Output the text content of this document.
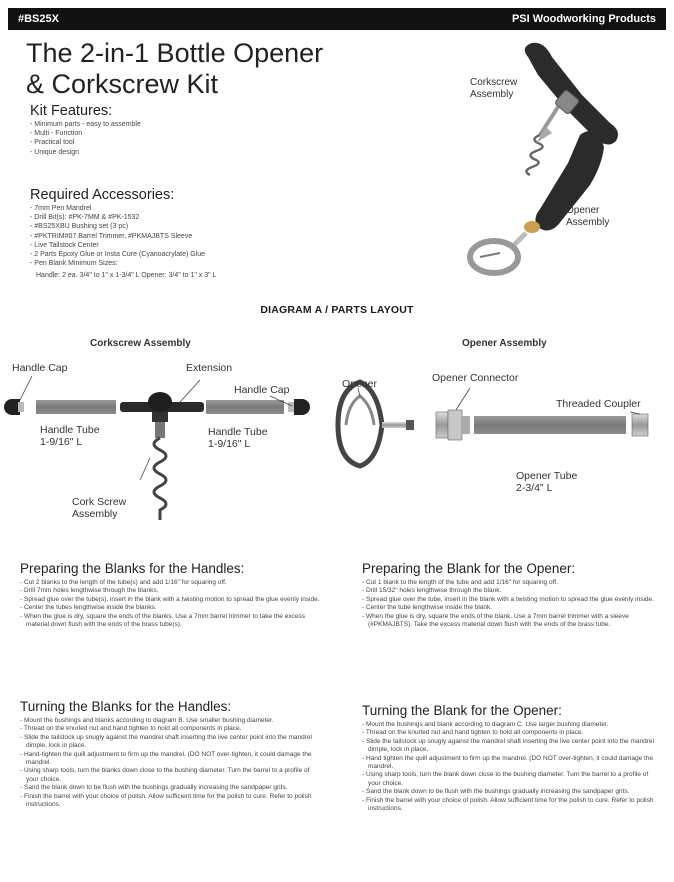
#BS25X	PSI Woodworking Products
The 2-in-1 Bottle Opener
& Corkscrew Kit
Kit Features:
- Minimum parts - easy to assemble
- Multi - Function
- Practical tool
- Unique design
Required Accessories:
- 7mm Pen Mandrel
- Drill Bit(s): #PK-7MM & #PK-1532
- #BS25XBU Bushing set (3 pc)
- #PKTRIM#07 Barrel Trimmer, #PKMAJBTS Sleeve
- Live Tailstock Center
- 2 Parts Epoxy Glue or Insta Cure (Cyanoacrylate) Glue
- Pen Blank Minimum Sizes:
Handle: 2 ea. 3/4" to 1" x 1-3/4" L Opener: 3/4" to 1" x 3" L
Corkscrew
Assembly
Opener
Assembly
DIAGRAM A / PARTS LAYOUT
Corkscrew Assembly	Opener Assembly
Handle Cap	Extension
Handle Cap
Handle Tube
1-9/16" L
Handle Tube
1-9/16" L
Cork Screw
Assembly
Opener	Opener Connector
Threaded Coupler
Opener Tube
2-3/4" L
Preparing the Blanks for the Handles:
- Cut 2 blanks to the length of the tube(s) and add 1/16" for squaring off.
- Drill 7mm holes lengthwise through the blanks.
- Spread glue over the tube(s), insert in the blank with a twisting motion to spread the glue evenly inside.
- Center the tubes lengthwise inside the blanks.
- When the glue is dry, square the ends of the blanks. Use a 7mm barrel trimmer to take the excess material down flush with the ends of the brass tube(s).
Preparing the Blank for the Opener:
- Cut 1 blank to the length of the tube and add 1/16" for squaring off.
- Drill 15/32" holes lengthwise through the blank.
- Spread glue over the tube, insert in the blank with a twisting motion to spread the glue evenly inside.
- Center the tube lengthwise inside the blank.
- When the glue is dry, square the ends of the blank. Use a 7mm barrel trimmer with a sleeve (#PKMAJBTS). Take the excess material down flush with the ends of the brass tube.
Turning the Blanks for the Handles:
- Mount the bushings and blanks according to diagram B. Use smaller bushing diameter.
- Thread on the knurled nut and hand tighten to hold all components in place.
- Slide the tailstock up snugly against the mandrel shaft inserting the live center point into the mandrel dimple, lock in place.
- Hand-tighten the quill adjustment to firm up the mandrel. (DO NOT over-tighten, it could damage the mandrel.
- Using sharp tools, turn the blanks down close to the bushing diameter. Turn the barrel to a profile of your choice.
- Sand the blank down to be flush with the bushings gradually increasing the sandpaper grits.
- Finish the barrel with your choice of polish. Allow sufficient time for the polish to cure. Refer to polish instructions.
Turning the Blank for the Opener:
- Mount the bushings and blank according to diagram C. Use larger bushing diameter.
- Thread on the knurled nut and hand tighten to hold all components in place.
- Slide the tailstock up snugly against the mandrel shaft inserting the live center point into the mandrel dimple, lock in place.
- Hand tighten the quill adjustment to firm up the mandrel. (DO NOT over-tighten, it could damage the mandrel.
- Using sharp tools, turn the blank down close to the bushing diameter. Turn the barrel to a profile of your choice.
- Sand the blank down to be flush with the bushings gradually increasing the sandpaper grits.
- Finish the barrel with your choice of polish. Allow sufficient time for the polish to cure. Refer to polish instructions.
